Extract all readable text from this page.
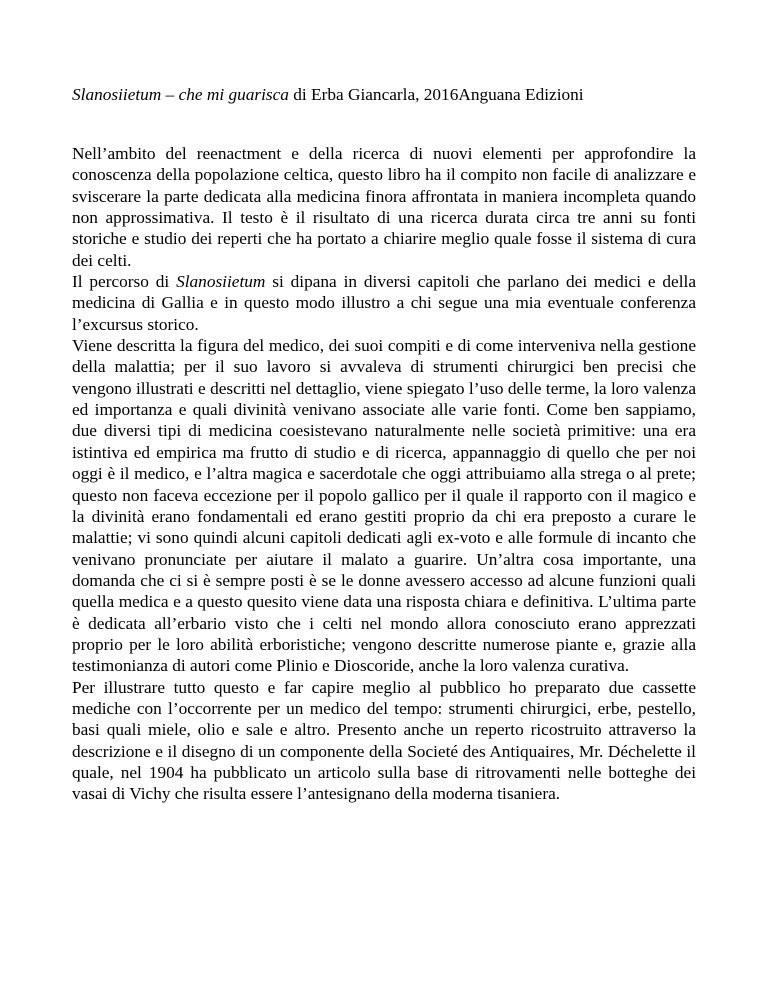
Slanosiietum – che mi guarisca di Erba Giancarla, 2016Anguana Edizioni

Nell’ambito del reenactment e della ricerca di nuovi elementi per approfondire la conoscenza della popolazione celtica, questo libro ha il compito non facile di analizzare e sviscerare la parte dedicata alla medicina finora affrontata in maniera incompleta quando non approssimativa. Il testo è il risultato di una ricerca durata circa tre anni su fonti storiche e studio dei reperti che ha portato a chiarire meglio quale fosse il sistema di cura dei celti.

Il percorso di Slanosiietum si dipana in diversi capitoli che parlano dei medici e della medicina di Gallia e in questo modo illustro a chi segue una mia eventuale conferenza l’excursus storico.

Viene descritta la figura del medico, dei suoi compiti e di come interveniva nella gestione della malattia; per il suo lavoro si avvaleva di strumenti chirurgici ben precisi che vengono illustrati e descritti nel dettaglio, viene spiegato l’uso delle terme, la loro valenza ed importanza e quali divinità venivano associate alle varie fonti. Come ben sappiamo, due diversi tipi di medicina coesistevano naturalmente nelle società primitive: una era istintiva ed empirica ma frutto di studio e di ricerca, appannaggio di quello che per noi oggi è il medico, e l’altra magica e sacerdotale che oggi attribuiamo alla strega o al prete; questo non faceva eccezione per il popolo gallico per il quale il rapporto con il magico e la divinità erano fondamentali ed erano gestiti proprio da chi era preposto a curare le malattie; vi sono quindi alcuni capitoli dedicati agli ex-voto e alle formule di incanto che venivano pronunciate per aiutare il malato a guarire. Un’altra cosa importante, una domanda che ci si è sempre posti è se le donne avessero accesso ad alcune funzioni quali quella medica e a questo quesito viene data una risposta chiara e definitiva. L’ultima parte è dedicata all’erbario visto che i celti nel mondo allora conosciuto erano apprezzati proprio per le loro abilità erboristiche; vengono descritte numerose piante e, grazie alla testimonianza di autori come Plinio e Dioscoride, anche la loro valenza curativa.

Per illustrare tutto questo e far capire meglio al pubblico ho preparato due cassette mediche con l’occorrente per un medico del tempo: strumenti chirurgici, erbe, pestello, basi quali miele, olio e sale e altro. Presento anche un reperto ricostruito attraverso la descrizione e il disegno di un componente della Societé des Antiquaires, Mr. Déchelette il quale, nel 1904 ha pubblicato un articolo sulla base di ritrovamenti nelle botteghe dei vasai di Vichy che risulta essere l’antesignano della moderna tisaniera.
